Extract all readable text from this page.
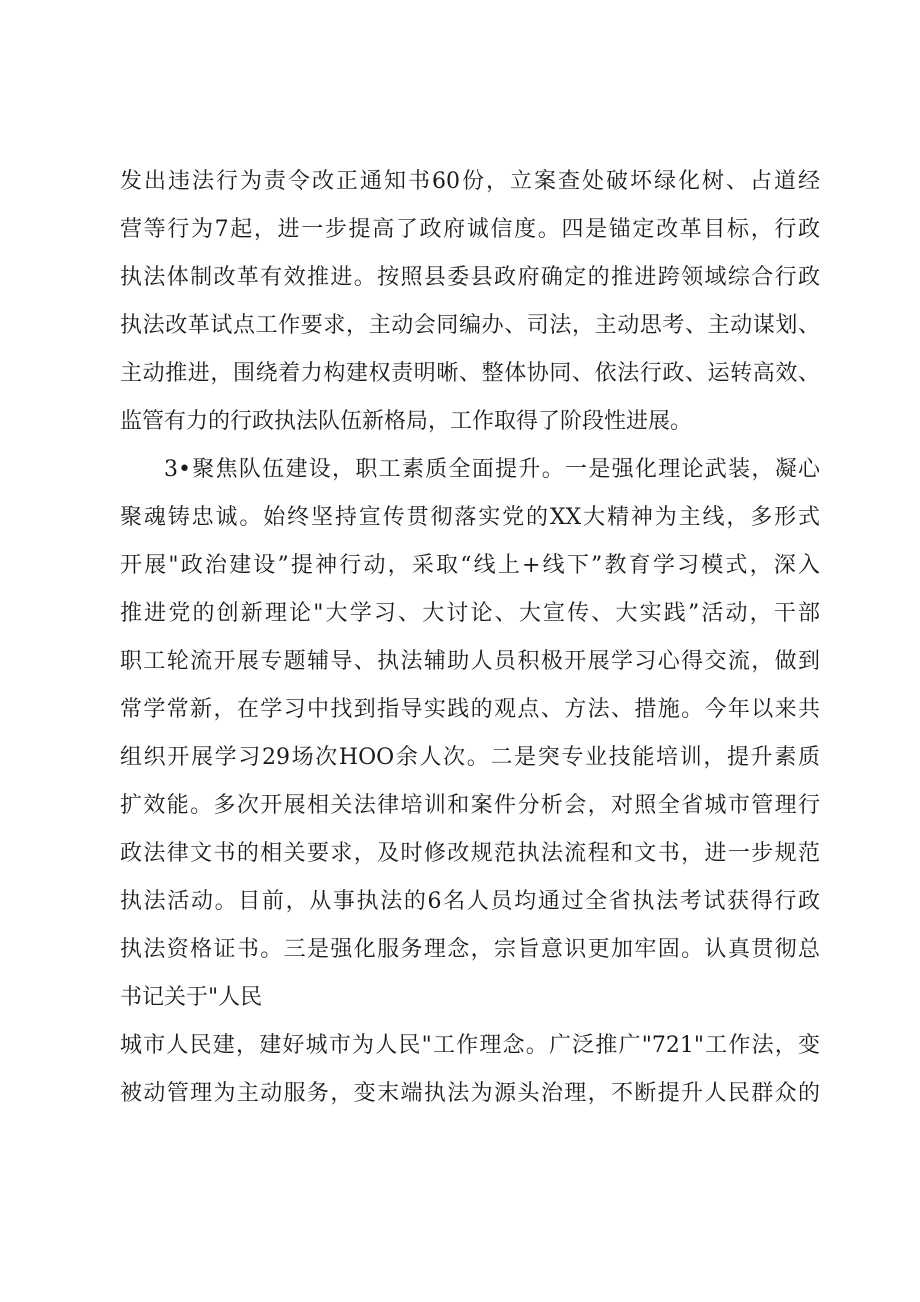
发出违法行为责令改正通知书60份，立案查处破坏绿化树、占道经
营等行为7起，进一步提高了政府诚信度。四是锚定改革目标，行政
执法体制改革有效推进。按照县委县政府确定的推进跨领域综合行政
执法改革试点工作要求，主动会同编办、司法，主动思考、主动谋划、
主动推进，围绕着力构建权责明晰、整体协同、依法行政、运转高效、
监管有力的行政执法队伍新格局，工作取得了阶段性进展。
3•聚焦队伍建设，职工素质全面提升。一是强化理论武装，凝心
聚魂铸忠诚。始终坚持宣传贯彻落实党的XX大精神为主线，多形式
开展"政治建设”提神行动，采取“线上+线下”教育学习模式，深入
推进党的创新理论"大学习、大讨论、大宣传、大实践”活动，干部
职工轮流开展专题辅导、执法辅助人员积极开展学习心得交流，做到
常学常新，在学习中找到指导实践的观点、方法、措施。今年以来共
组织开展学习29场次HOO余人次。二是突专业技能培训，提升素质
扩效能。多次开展相关法律培训和案件分析会，对照全省城市管理行
政法律文书的相关要求，及时修改规范执法流程和文书，进一步规范
执法活动。目前，从事执法的6名人员均通过全省执法考试获得行政
执法资格证书。三是强化服务理念，宗旨意识更加牢固。认真贯彻总
书记关于"人民
城市人民建，建好城市为人民"工作理念。广泛推广"721"工作法，变
被动管理为主动服务，变末端执法为源头治理，不断提升人民群众的
